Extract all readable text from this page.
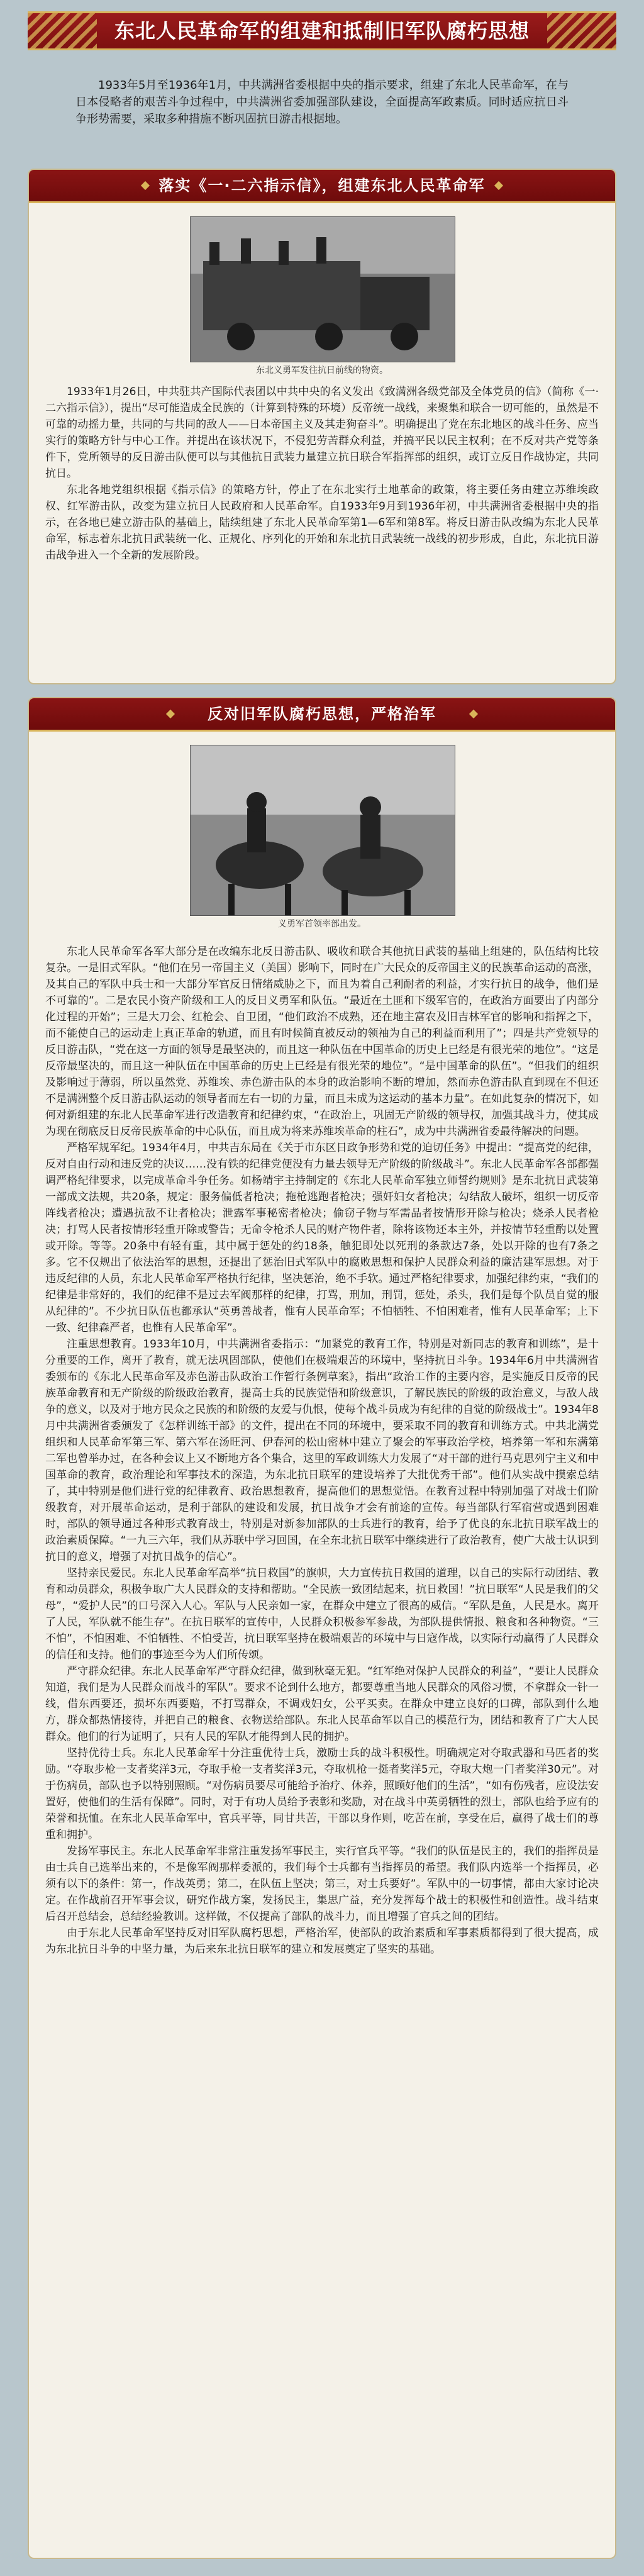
东北人民革命军的组建和抵制旧军队腐朽思想

1933年5月至1936年1月，中共满洲省委根据中央的指示要求，组建了东北人民革命军，在与日本侵略者的艰苦斗争过程中，中共满洲省委加强部队建设，全面提高军政素质。同时适应抗日斗争形势需要，采取多种措施不断巩固抗日游击根据地。

落实《一·二六指示信》，组建东北人民革命军
东北义勇军发往抗日前线的物资。

1933年1月26日，中共驻共产国际代表团以中共中央的名义发出《致满洲各级党部及全体党员的信》（简称《一·二六指示信》），提出“尽可能造成全民族的（计算到特殊的环境）反帝统一战线，来聚集和联合一切可能的，虽然是不可靠的动摇力量，共同的与共同的敌人——日本帝国主义及其走狗奋斗”。明确提出了党在东北地区的战斗任务、应当实行的策略方针与中心工作。并提出在该状况下，不侵犯劳苦群众利益，并搞平民以民主权利；在不反对共产党等条件下，党所领导的反日游击队便可以与其他抗日武装力量建立抗日联合军指挥部的组织，或订立反日作战协定，共同抗日。

东北各地党组织根据《指示信》的策略方针，停止了在东北实行土地革命的政策，将主要任务由建立苏维埃政权、红军游击队，改变为建立抗日人民政府和人民革命军。自1933年9月到1936年初，中共满洲省委根据中央的指示，在各地已建立游击队的基础上，陆续组建了东北人民革命军第1—6军和第8军。将反日游击队改编为东北人民革命军，标志着东北抗日武装统一化、正规化、序列化的开始和东北抗日武装统一战线的初步形成，自此，东北抗日游击战争进入一个全新的发展阶段。

反对旧军队腐朽思想，严格治军
义勇军首领率部出发。

东北人民革命军各军大部分是在改编东北反日游击队、吸收和联合其他抗日武装的基础上组建的，队伍结构比较复杂。一是旧式军队。“他们在另一帝国主义（美国）影响下，同时在广大民众的反帝国主义的民族革命运动的高涨，及其自己的军队中兵士和一大部分军官反日情绪威胁之下，而且为着自己利耐者的利益，才实行抗日的战争，他们是不可靠的”。二是农民小资产阶级和工人的反日义勇军和队伍。“最近在土匪和下级军官的，在政治方面要出了内部分化过程的开始”；三是大刀会、红枪会、自卫团，“他们政治不成熟，还在地主富农及旧吉林军官的影响和指挥之下，而不能使自己的运动走上真正革命的轨道，而且有时候简直被反动的领袖为自己的利益而利用了”；四是共产党领导的反日游击队，“党在这一方面的领导是最坚决的，而且这一种队伍在中国革命的历史上已经是有很光荣的地位”。“这是反帝最坚决的，而且这一种队伍在中国革命的历史上已经是有很光荣的地位”。“是中国革命的队伍”。“但我们的组织及影响过于薄弱，所以虽然党、苏维埃、赤色游击队的本身的政治影响不断的增加，然而赤色游击队直到现在不但还不是满洲整个反日游击队运动的领导者而左右一切的力量，而且未成为这运动的基本力量”。在如此复杂的情况下，如何对新组建的东北人民革命军进行改造教育和纪律约束，“在政治上，巩固无产阶级的领导权，加强其战斗力，使其成为现在彻底反日反帝民族革命的中心队伍，而且成为将来苏维埃革命的柱石”，成为中共满洲省委最待解决的问题。

严格军规军纪。1934年4月，中共吉东局在《关于市东区日政争形势和党的迫切任务》中提出：“提高党的纪律，反对自由行动和违反党的决议……没有铁的纪律党便没有力量去领导无产阶级的阶级战斗”。东北人民革命军各部都强调严格纪律要求，以完成革命斗争任务。如杨靖宇主持制定的《东北人民革命军独立师誓约规则》是东北抗日武装第一部成文法规，共20条，规定：服务偏低者枪决；拖枪逃跑者枪决；强奸妇女者枪决；勾结敌人破坏，组织一切反帝阵线者枪决；遭遇抗敌不让者枪决；泄露军事秘密者枪决；偷窃子物与军需品者按情形开除与枪决；烧杀人民者枪决；打骂人民者按情形轻重开除或警告；无命令枪杀人民的财产物件者，除将该物还本主外，并按情节轻重酌以处置或开除。等等。20条中有轻有重，其中属于惩处的约18条，触犯即处以死刑的条款达7条，处以开除的也有7条之多。它不仅规出了依法治军的思想，还提出了惩治旧式军队中的腐败思想和保护人民群众利益的廉洁建军思想。对于违反纪律的人员，东北人民革命军严格执行纪律，坚决惩治，绝不手软。通过严格纪律要求，加强纪律约束，“我们的纪律是非常好的，我们的纪律不是过去军阀那样的纪律，打骂，刑加，刑罚，惩处，杀头，我们是每个队员自觉的服从纪律的”。不少抗日队伍也都承认“英勇善战者，惟有人民革命军；不怕牺牲、不怕困难者，惟有人民革命军；上下一致、纪律森严者，也惟有人民革命军”。

注重思想教育。1933年10月，中共满洲省委指示：“加紧党的教育工作，特别是对新同志的教育和训练”，是十分重要的工作，离开了教育，就无法巩固部队，使他们在极端艰苦的环境中，坚持抗日斗争。1934年6月中共满洲省委颁布的《东北人民革命军及赤色游击队政治工作暂行条例草案》，指出“政治工作的主要内容，是实施反日反帝的民族革命教育和无产阶级的阶级政治教育，提高士兵的民族觉悟和阶级意识，了解民族民的阶级的政治意义，与敌人战争的意义，以及对于地方民众之民族的和阶级的友爱与仇恨，使每个战斗员成为有纪律的自觉的阶级战士”。1934年8月中共满洲省委颁发了《怎样训练干部》的文件，提出在不同的环境中，要采取不同的教育和训练方式。中共北满党组织和人民革命军第三军、第六军在汤旺河、伊春河的松山密林中建立了聚会的军事政治学校，培养第一军和东满第二军也曾举办过，在各种会议上又不断地方各个集合，这里的军政训练大力发展了“对干部的进行马克思列宁主义和中国革命的教育，政治理论和军事技术的深造，为东北抗日联军的建设培养了大批优秀干部”。他们从实战中摸索总结了，其中特别是他们进行党的纪律教育、政治思想教育，提高他们的思想觉悟。在教育过程中特别加强了对战士们阶级教育，对开展革命运动，是利于部队的建设和发展，抗日战争才会有前途的宣传。每当部队行军宿营或遇到困难时，部队的领导通过各种形式教育战士，特别是对新参加部队的士兵进行的教育，给予了优良的东北抗日联军战士的政治素质保障。“一九三六年，我们从苏联中学习回国，在全东北抗日联军中继续进行了政治教育，使广大战士认识到抗日的意义，增强了对抗日战争的信心”。

坚持亲民爱民。东北人民革命军高举“抗日救国”的旗帜，大力宣传抗日救国的道理，以自己的实际行动团结、教育和动员群众，积极争取广大人民群众的支持和帮助。“全民族一致团结起来，抗日救国！”抗日联军“人民是我们的父母”，“爱护人民”的口号深入人心。军队与人民亲如一家，在群众中建立了很高的威信。“军队是鱼，人民是水。离开了人民，军队就不能生存”。在抗日联军的宣传中，人民群众积极参军参战，为部队提供情报、粮食和各种物资。“三不怕”，不怕困难、不怕牺牲、不怕受苦，抗日联军坚持在极端艰苦的环境中与日寇作战，以实际行动赢得了人民群众的信任和支持。他们的事迹至今为人们所传颂。

严守群众纪律。东北人民革命军严守群众纪律，做到秋毫无犯。“红军绝对保护人民群众的利益”，“要让人民群众知道，我们是为人民群众而战斗的军队”。要求不论到什么地方，都要尊重当地人民群众的风俗习惯，不拿群众一针一线，借东西要还，损坏东西要赔，不打骂群众，不调戏妇女，公平买卖。在群众中建立良好的口碑，部队到什么地方，群众都热情接待，并把自己的粮食、衣物送给部队。东北人民革命军以自己的模范行为，团结和教育了广大人民群众。他们的行为证明了，只有人民的军队才能得到人民的拥护。

坚持优待士兵。东北人民革命军十分注重优待士兵，激励士兵的战斗积极性。明确规定对夺取武器和马匹者的奖励。“夺取步枪一支者奖洋3元，夺取手枪一支者奖洋3元，夺取机枪一挺者奖洋5元，夺取大炮一门者奖洋30元”。对于伤病员，部队也予以特别照顾。“对伤病员要尽可能给予治疗、休养，照顾好他们的生活”，“如有伤残者，应设法安置好，使他们的生活有保障”。同时，对于有功人员给予表彰和奖励，对在战斗中英勇牺牲的烈士，部队也给予应有的荣誉和抚恤。在东北人民革命军中，官兵平等，同甘共苦，干部以身作则，吃苦在前，享受在后，赢得了战士们的尊重和拥护。

发扬军事民主。东北人民革命军非常注重发扬军事民主，实行官兵平等。“我们的队伍是民主的，我们的指挥员是由士兵自己选举出来的，不是像军阀那样委派的，我们每个士兵都有当指挥员的希望。我们队内选举一个指挥员，必须有以下的条件：第一，作战英勇；第二，在队伍上坚决；第三，对士兵要好”。军队中的一切事情，都由大家讨论决定。在作战前召开军事会议，研究作战方案，发扬民主，集思广益，充分发挥每个战士的积极性和创造性。战斗结束后召开总结会，总结经验教训。这样做，不仅提高了部队的战斗力，而且增强了官兵之间的团结。

由于东北人民革命军坚持反对旧军队腐朽思想，严格治军，使部队的政治素质和军事素质都得到了很大提高，成为东北抗日斗争的中坚力量，为后来东北抗日联军的建立和发展奠定了坚实的基础。
